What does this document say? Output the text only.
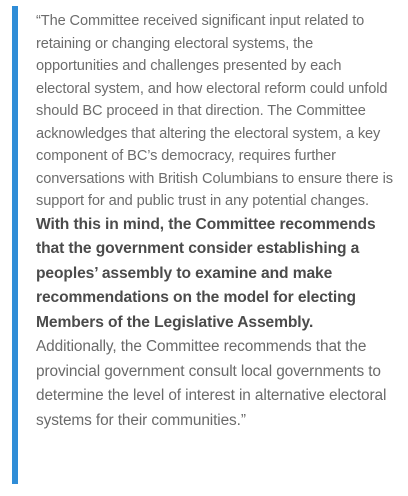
“The Committee received significant input related to retaining or changing electoral systems, the opportunities and challenges presented by each electoral system, and how electoral reform could unfold should BC proceed in that direction. The Committee acknowledges that altering the electoral system, a key component of BC’s democracy, requires further conversations with British Columbians to ensure there is support for and public trust in any potential changes. With this in mind, the Committee recommends that the government consider establishing a peoples’ assembly to examine and make recommendations on the model for electing Members of the Legislative Assembly. Additionally, the Committee recommends that the provincial government consult local governments to determine the level of interest in alternative electoral systems for their communities.”
